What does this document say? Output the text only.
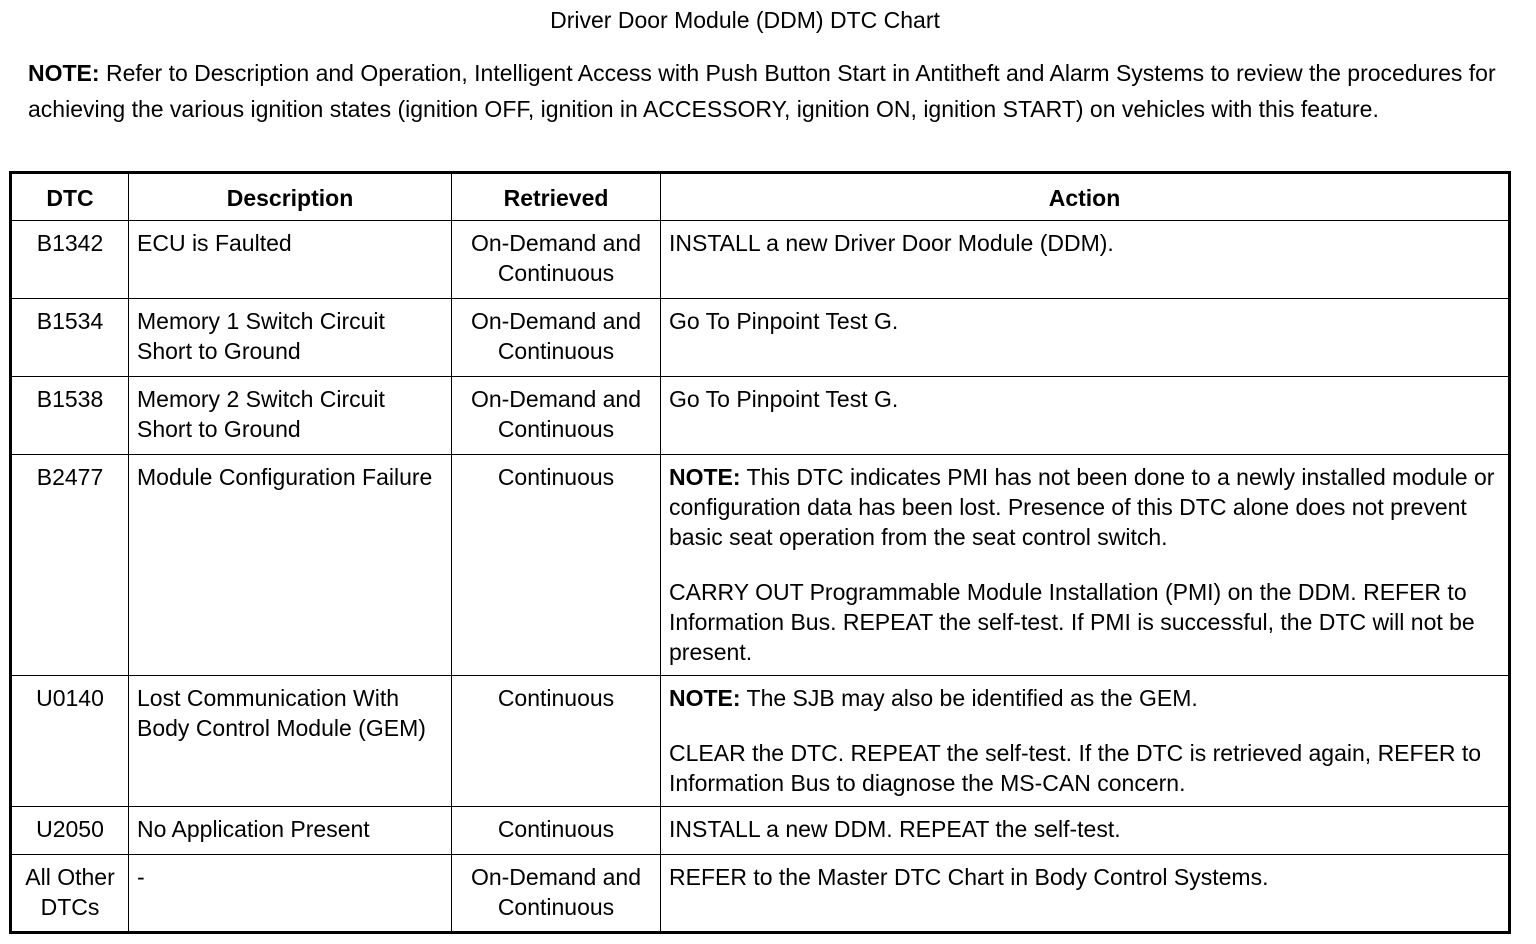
Driver Door Module (DDM) DTC Chart

NOTE: Refer to Description and Operation, Intelligent Access with Push Button Start in Antitheft and Alarm Systems to review the procedures for achieving the various ignition states (ignition OFF, ignition in ACCESSORY, ignition ON, ignition START) on vehicles with this feature.

DTC	Description	Retrieved	Action
B1342	ECU is Faulted	On-Demand and Continuous	INSTALL a new Driver Door Module (DDM).

B1534	Memory 1 Switch Circuit Short to Ground	On-Demand and Continuous	Go To Pinpoint Test G.

B1538	Memory 2 Switch Circuit Short to Ground	On-Demand and Continuous	Go To Pinpoint Test G.

B2477	Module Configuration Failure	Continuous	NOTE: This DTC indicates PMI has not been done to a newly installed module or configuration data has been lost. Presence of this DTC alone does not prevent basic seat operation from the seat control switch.

CARRY OUT Programmable Module Installation (PMI) on the DDM. REFER to Information Bus. REPEAT the self-test. If PMI is successful, the DTC will not be present.

U0140	Lost Communication With Body Control Module (GEM)	Continuous	NOTE: The SJB may also be identified as the GEM.

CLEAR the DTC. REPEAT the self-test. If the DTC is retrieved again, REFER to Information Bus to diagnose the MS-CAN concern.

U2050	No Application Present	Continuous	INSTALL a new DDM. REPEAT the self-test.

All Other DTCs	-	On-Demand and Continuous	REFER to the Master DTC Chart in Body Control Systems.
